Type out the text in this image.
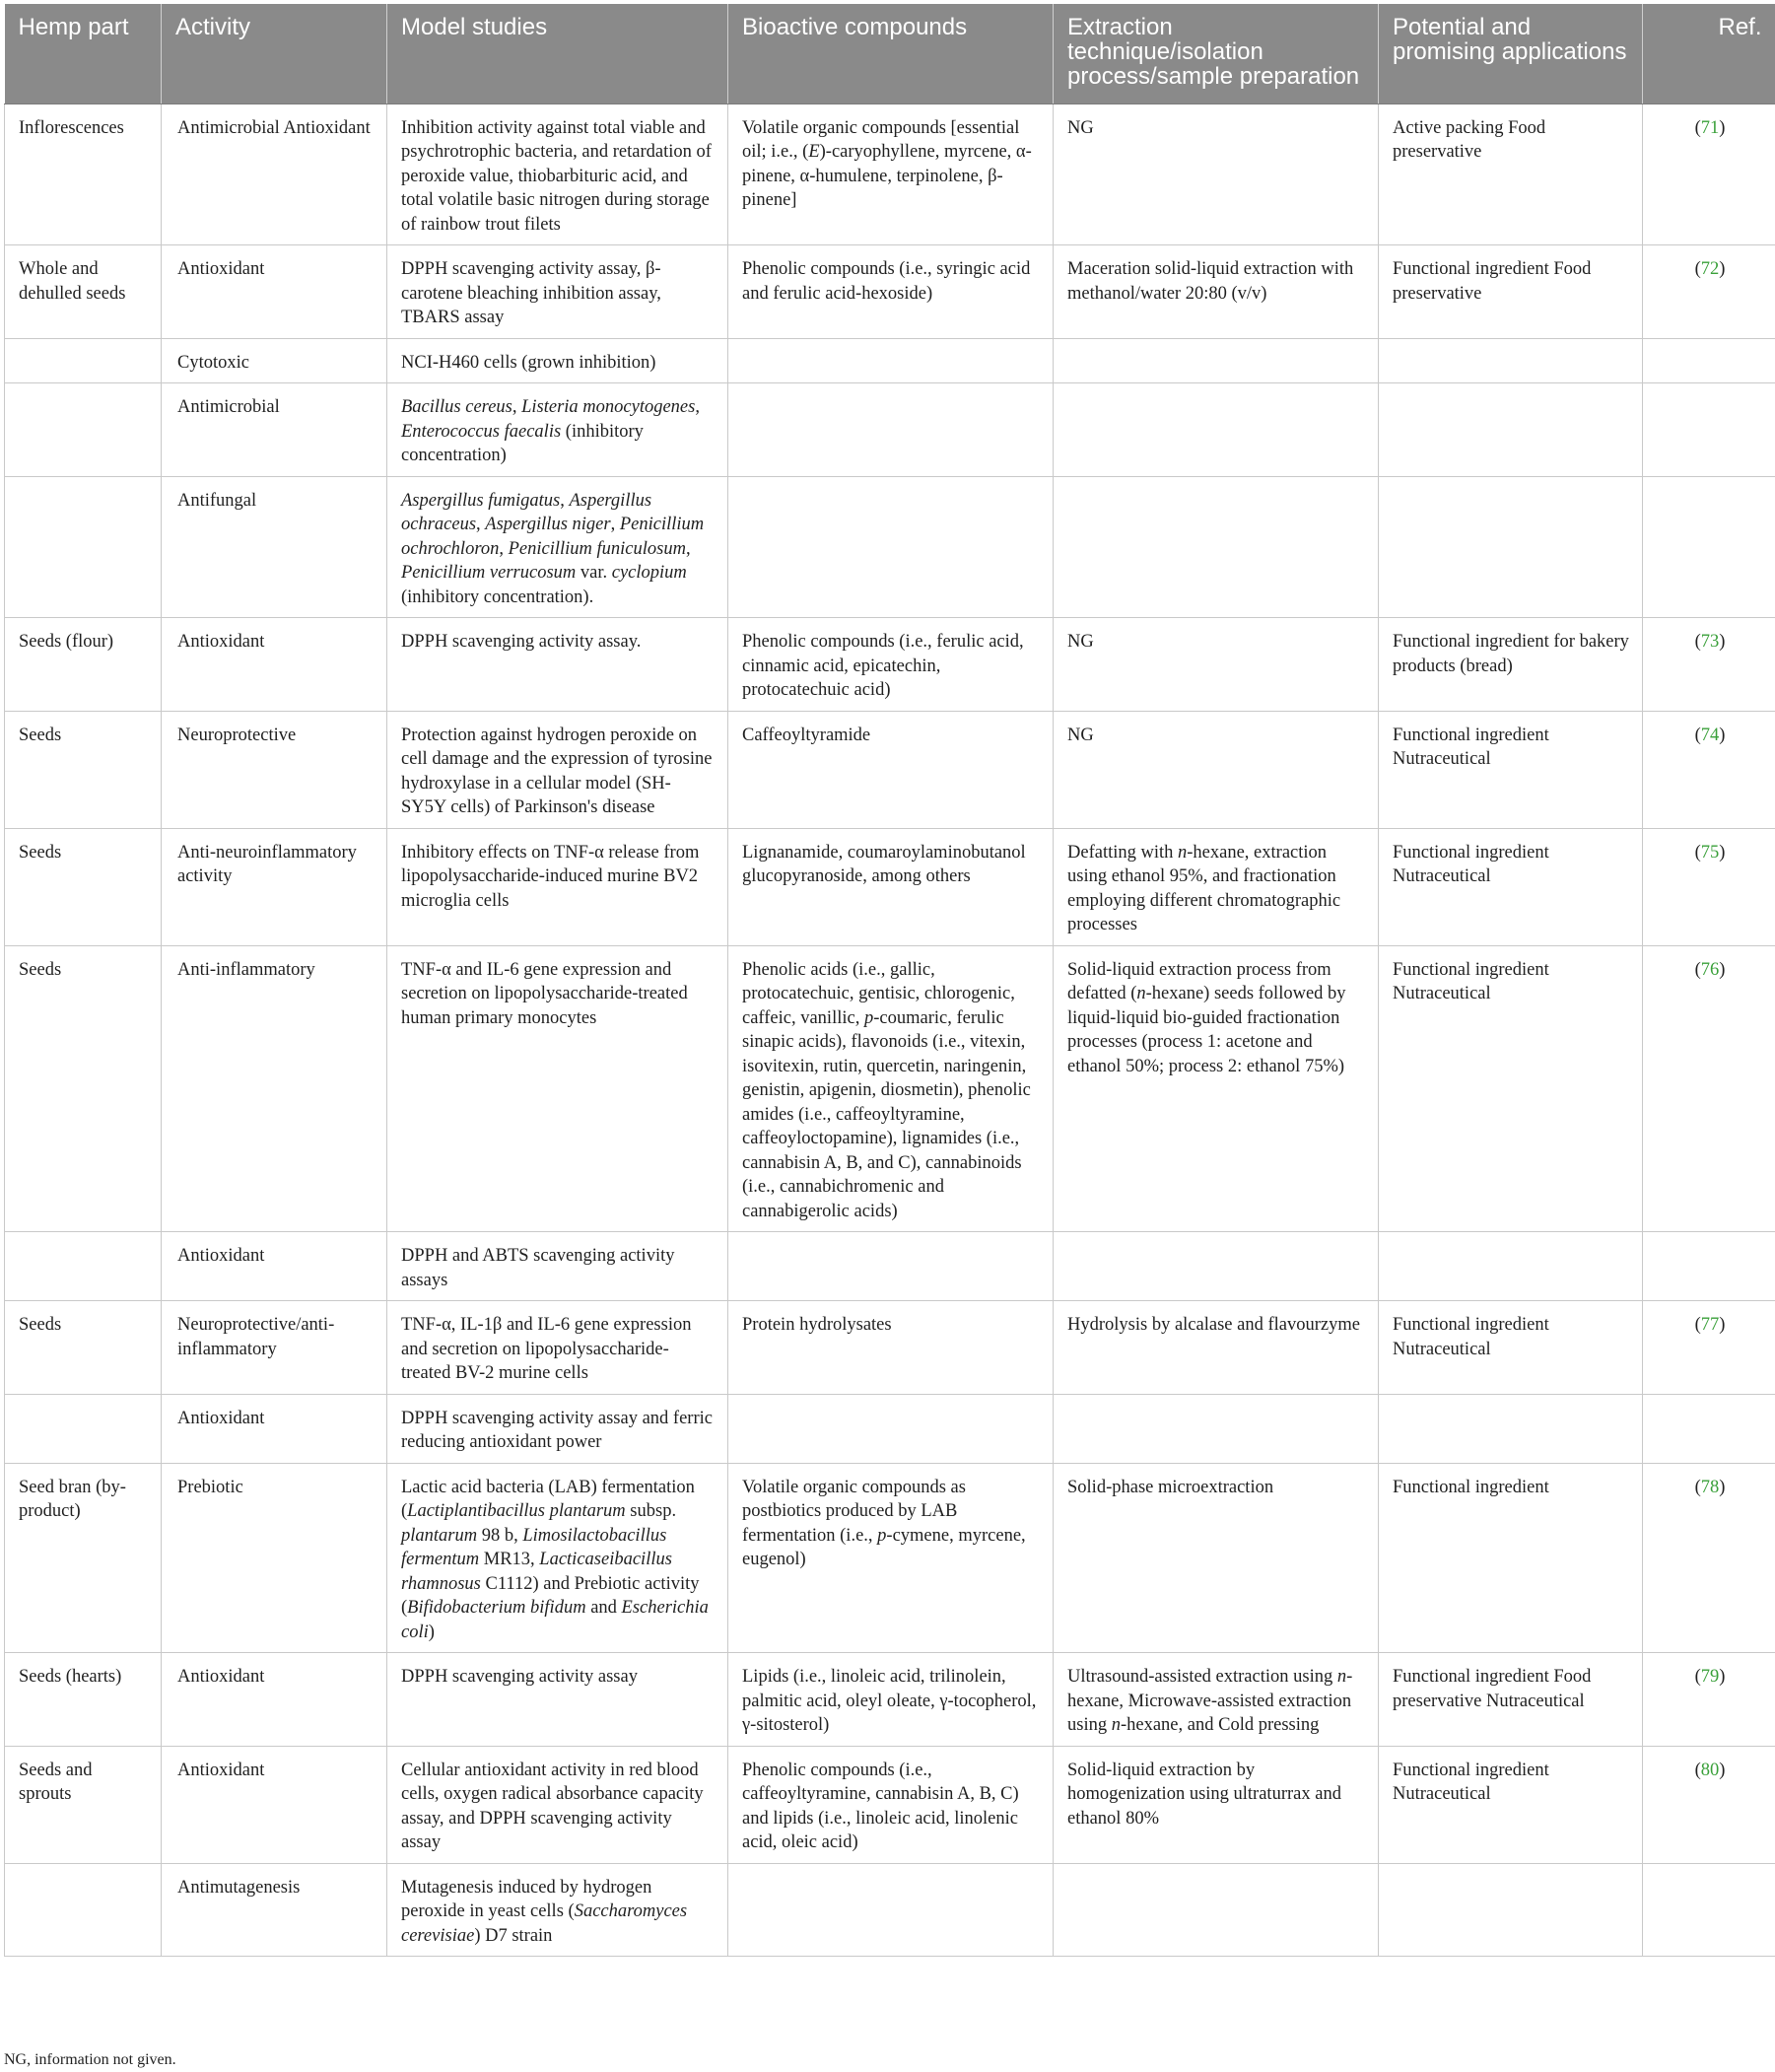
Hemp part	Activity	Model studies	Bioactive compounds	Extraction technique/isolation process/sample preparation	Potential and promising applications	Ref.
Inflorescences	Antimicrobial Antioxidant	Inhibition activity against total viable and psychrotrophic bacteria, and retardation of peroxide value, thiobarbituric acid, and total volatile basic nitrogen during storage of rainbow trout filets	Volatile organic compounds [essential oil; i.e., (E)-caryophyllene, myrcene, α-pinene, α-humulene, terpinolene, β-pinene]	NG	Active packing Food preservative	(71)
Whole and dehulled seeds	Antioxidant	DPPH scavenging activity assay, β-carotene bleaching inhibition assay, TBARS assay	Phenolic compounds (i.e., syringic acid and ferulic acid-hexoside)	Maceration solid-liquid extraction with methanol/water 20:80 (v/v)	Functional ingredient Food preservative	(72)
	Cytotoxic	NCI-H460 cells (grown inhibition)				
	Antimicrobial	Bacillus cereus, Listeria monocytogenes, Enterococcus faecalis (inhibitory concentration)				
	Antifungal	Aspergillus fumigatus, Aspergillus ochraceus, Aspergillus niger, Penicillium ochrochloron, Penicillium funiculosum, Penicillium verrucosum var. cyclopium (inhibitory concentration).				
Seeds (flour)	Antioxidant	DPPH scavenging activity assay.	Phenolic compounds (i.e., ferulic acid, cinnamic acid, epicatechin, protocatechuic acid)	NG	Functional ingredient for bakery products (bread)	(73)
Seeds	Neuroprotective	Protection against hydrogen peroxide on cell damage and the expression of tyrosine hydroxylase in a cellular model (SH-SY5Y cells) of Parkinson's disease	Caffeoyltyramide	NG	Functional ingredient Nutraceutical	(74)
Seeds	Anti-neuroinflammatory activity	Inhibitory effects on TNF-α release from lipopolysaccharide-induced murine BV2 microglia cells	Lignanamide, coumaroylaminobutanol glucopyranoside, among others	Defatting with n-hexane, extraction using ethanol 95%, and fractionation employing different chromatographic processes	Functional ingredient Nutraceutical	(75)
Seeds	Anti-inflammatory	TNF-α and IL-6 gene expression and secretion on lipopolysaccharide-treated human primary monocytes	Phenolic acids (i.e., gallic, protocatechuic, gentisic, chlorogenic, caffeic, vanillic, p-coumaric, ferulic sinapic acids), flavonoids (i.e., vitexin, isovitexin, rutin, quercetin, naringenin, genistin, apigenin, diosmetin), phenolic amides (i.e., caffeoyltyramine, caffeoyloctopamine), lignamides (i.e., cannabisin A, B, and C), cannabinoids (i.e., cannabichromenic and cannabigerolic acids)	Solid-liquid extraction process from defatted (n-hexane) seeds followed by liquid-liquid bio-guided fractionation processes (process 1: acetone and ethanol 50%; process 2: ethanol 75%)	Functional ingredient Nutraceutical	(76)
	Antioxidant	DPPH and ABTS scavenging activity assays				
Seeds	Neuroprotective/anti-inflammatory	TNF-α, IL-1β and IL-6 gene expression and secretion on lipopolysaccharide-treated BV-2 murine cells	Protein hydrolysates	Hydrolysis by alcalase and flavourzyme	Functional ingredient Nutraceutical	(77)
	Antioxidant	DPPH scavenging activity assay and ferric reducing antioxidant power				
Seed bran (by-product)	Prebiotic	Lactic acid bacteria (LAB) fermentation (Lactiplantibacillus plantarum subsp. plantarum 98 b, Limosilactobacillus fermentum MR13, Lacticaseibacillus rhamnosus C1112) and Prebiotic activity (Bifidobacterium bifidum and Escherichia coli)	Volatile organic compounds as postbiotics produced by LAB fermentation (i.e., p-cymene, myrcene, eugenol)	Solid-phase microextraction	Functional ingredient	(78)
Seeds (hearts)	Antioxidant	DPPH scavenging activity assay	Lipids (i.e., linoleic acid, trilinolein, palmitic acid, oleyl oleate, γ-tocopherol, γ-sitosterol)	Ultrasound-assisted extraction using n-hexane, Microwave-assisted extraction using n-hexane, and Cold pressing	Functional ingredient Food preservative Nutraceutical	(79)
Seeds and sprouts	Antioxidant	Cellular antioxidant activity in red blood cells, oxygen radical absorbance capacity assay, and DPPH scavenging activity assay	Phenolic compounds (i.e., caffeoyltyramine, cannabisin A, B, C) and lipids (i.e., linoleic acid, linolenic acid, oleic acid)	Solid-liquid extraction by homogenization using ultraturrax and ethanol 80%	Functional ingredient Nutraceutical	(80)
	Antimutagenesis	Mutagenesis induced by hydrogen peroxide in yeast cells (Saccharomyces cerevisiae) D7 strain				
NG, information not given.
